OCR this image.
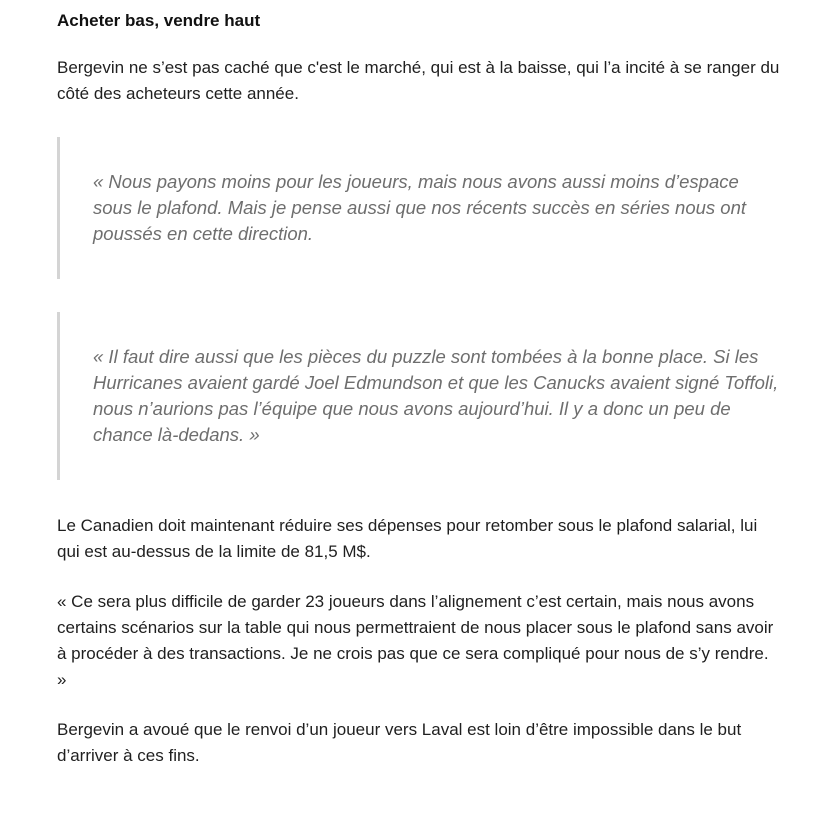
Acheter bas, vendre haut

Bergevin ne s’est pas caché que c'est le marché, qui est à la baisse, qui l’a incité à se ranger du côté des acheteurs cette année.

« Nous payons moins pour les joueurs, mais nous avons aussi moins d’espace sous le plafond. Mais je pense aussi que nos récents succès en séries nous ont poussés en cette direction.

« Il faut dire aussi que les pièces du puzzle sont tombées à la bonne place. Si les Hurricanes avaient gardé Joel Edmundson et que les Canucks avaient signé Toffoli, nous n’aurions pas l’équipe que nous avons aujourd’hui. Il y a donc un peu de chance là-dedans. »

Le Canadien doit maintenant réduire ses dépenses pour retomber sous le plafond salarial, lui qui est au-dessus de la limite de 81,5 M$.

« Ce sera plus difficile de garder 23 joueurs dans l’alignement c’est certain, mais nous avons certains scénarios sur la table qui nous permettraient de nous placer sous le plafond sans avoir à procéder à des transactions. Je ne crois pas que ce sera compliqué pour nous de s’y rendre. »

Bergevin a avoué que le renvoi d’un joueur vers Laval est loin d’être impossible dans le but d’arriver à ces fins.
